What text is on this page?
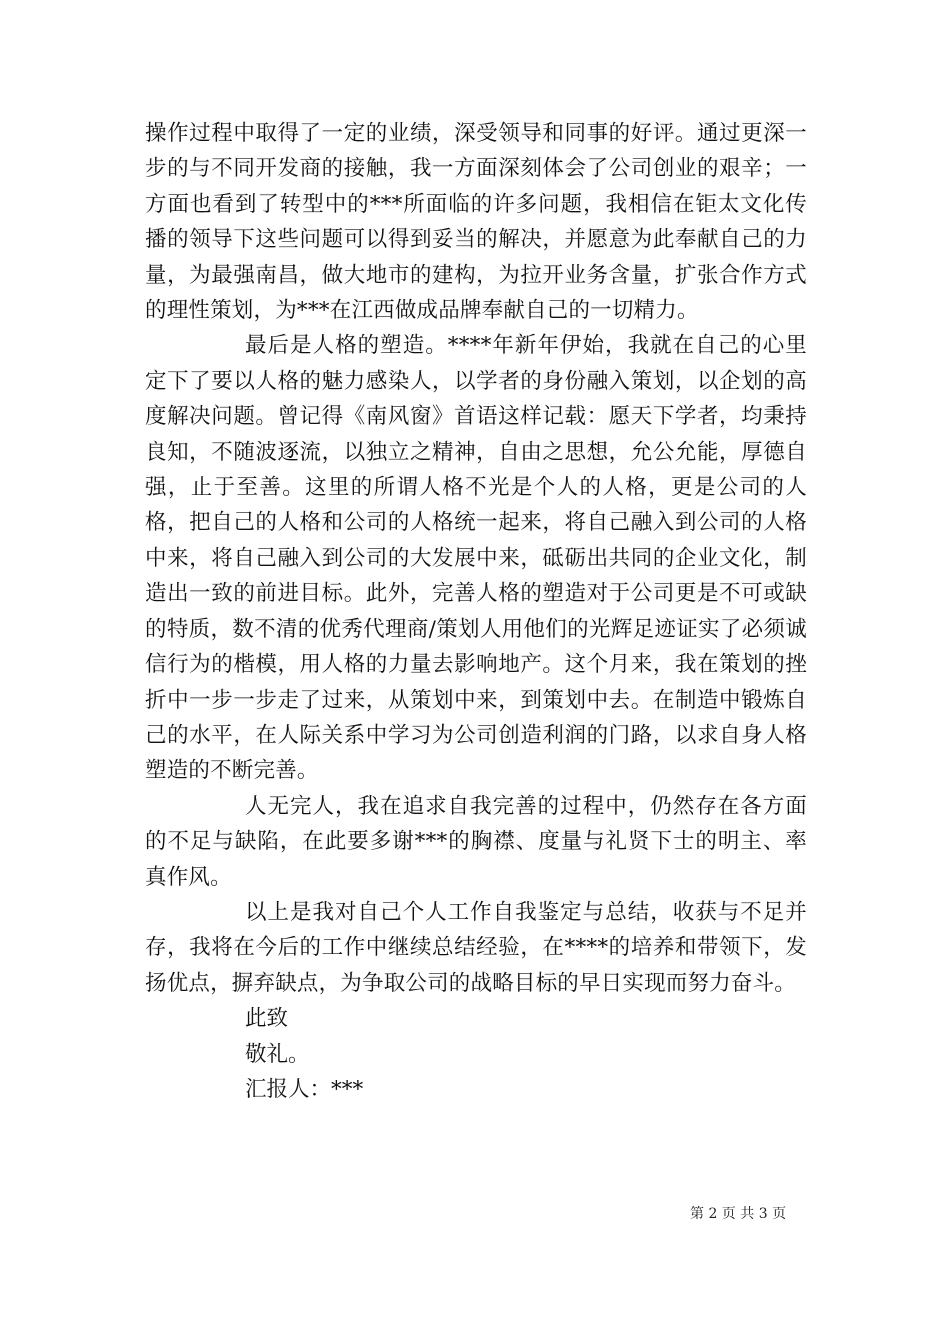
操作过程中取得了一定的业绩，深受领导和同事的好评。通过更深一步的与不同开发商的接触，我一方面深刻体会了公司创业的艰辛；一方面也看到了转型中的***所面临的许多问题，我相信在钜太文化传播的领导下这些问题可以得到妥当的解决，并愿意为此奉献自己的力量，为最强南昌，做大地市的建构，为拉开业务含量，扩张合作方式的理性策划，为***在江西做成品牌奉献自己的一切精力。

最后是人格的塑造。****年新年伊始，我就在自己的心里定下了要以人格的魅力感染人，以学者的身份融入策划，以企划的高度解决问题。曾记得《南风窗》首语这样记载：愿天下学者，均秉持良知，不随波逐流，以独立之精神，自由之思想，允公允能，厚德自强，止于至善。这里的所谓人格不光是个人的人格，更是公司的人格，把自己的人格和公司的人格统一起来，将自己融入到公司的人格中来，将自己融入到公司的大发展中来，砥砺出共同的企业文化，制造出一致的前进目标。此外，完善人格的塑造对于公司更是不可或缺的特质，数不清的优秀代理商/策划人用他们的光辉足迹证实了必须诚信行为的楷模，用人格的力量去影响地产。这个月来，我在策划的挫折中一步一步走了过来，从策划中来，到策划中去。在制造中锻炼自己的水平，在人际关系中学习为公司创造利润的门路，以求自身人格塑造的不断完善。

人无完人，我在追求自我完善的过程中，仍然存在各方面的不足与缺陷，在此要多谢***的胸襟、度量与礼贤下士的明主、率真作风。

以上是我对自己个人工作自我鉴定与总结，收获与不足并存，我将在今后的工作中继续总结经验，在****的培养和带领下，发扬优点，摒弃缺点，为争取公司的战略目标的早日实现而努力奋斗。

此致

敬礼。

汇报人：***

第 2 页 共 3 页
